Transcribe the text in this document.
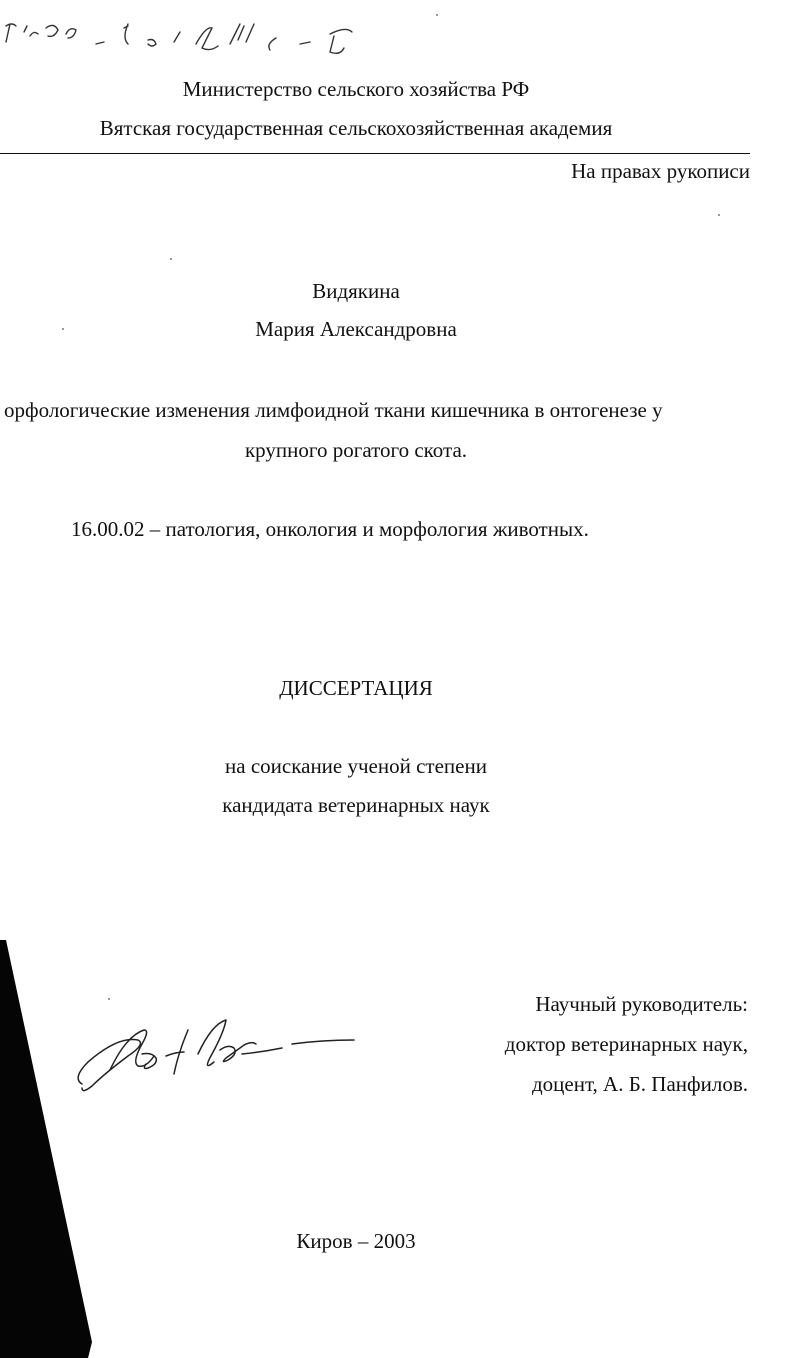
Министерство сельского хозяйства РФ
Вятская государственная сельскохозяйственная академия
На правах рукописи
Видякина
Мария Александровна
орфологические изменения лимфоидной ткани кишечника в онтогенезе у
крупного рогатого скота.
16.00.02 – патология, онкология и морфология животных.
ДИССЕРТАЦИЯ
на соискание ученой степени
кандидата ветеринарных наук
Научный руководитель:
доктор ветеринарных наук,
доцент, А. Б. Панфилов.
Киров – 2003
